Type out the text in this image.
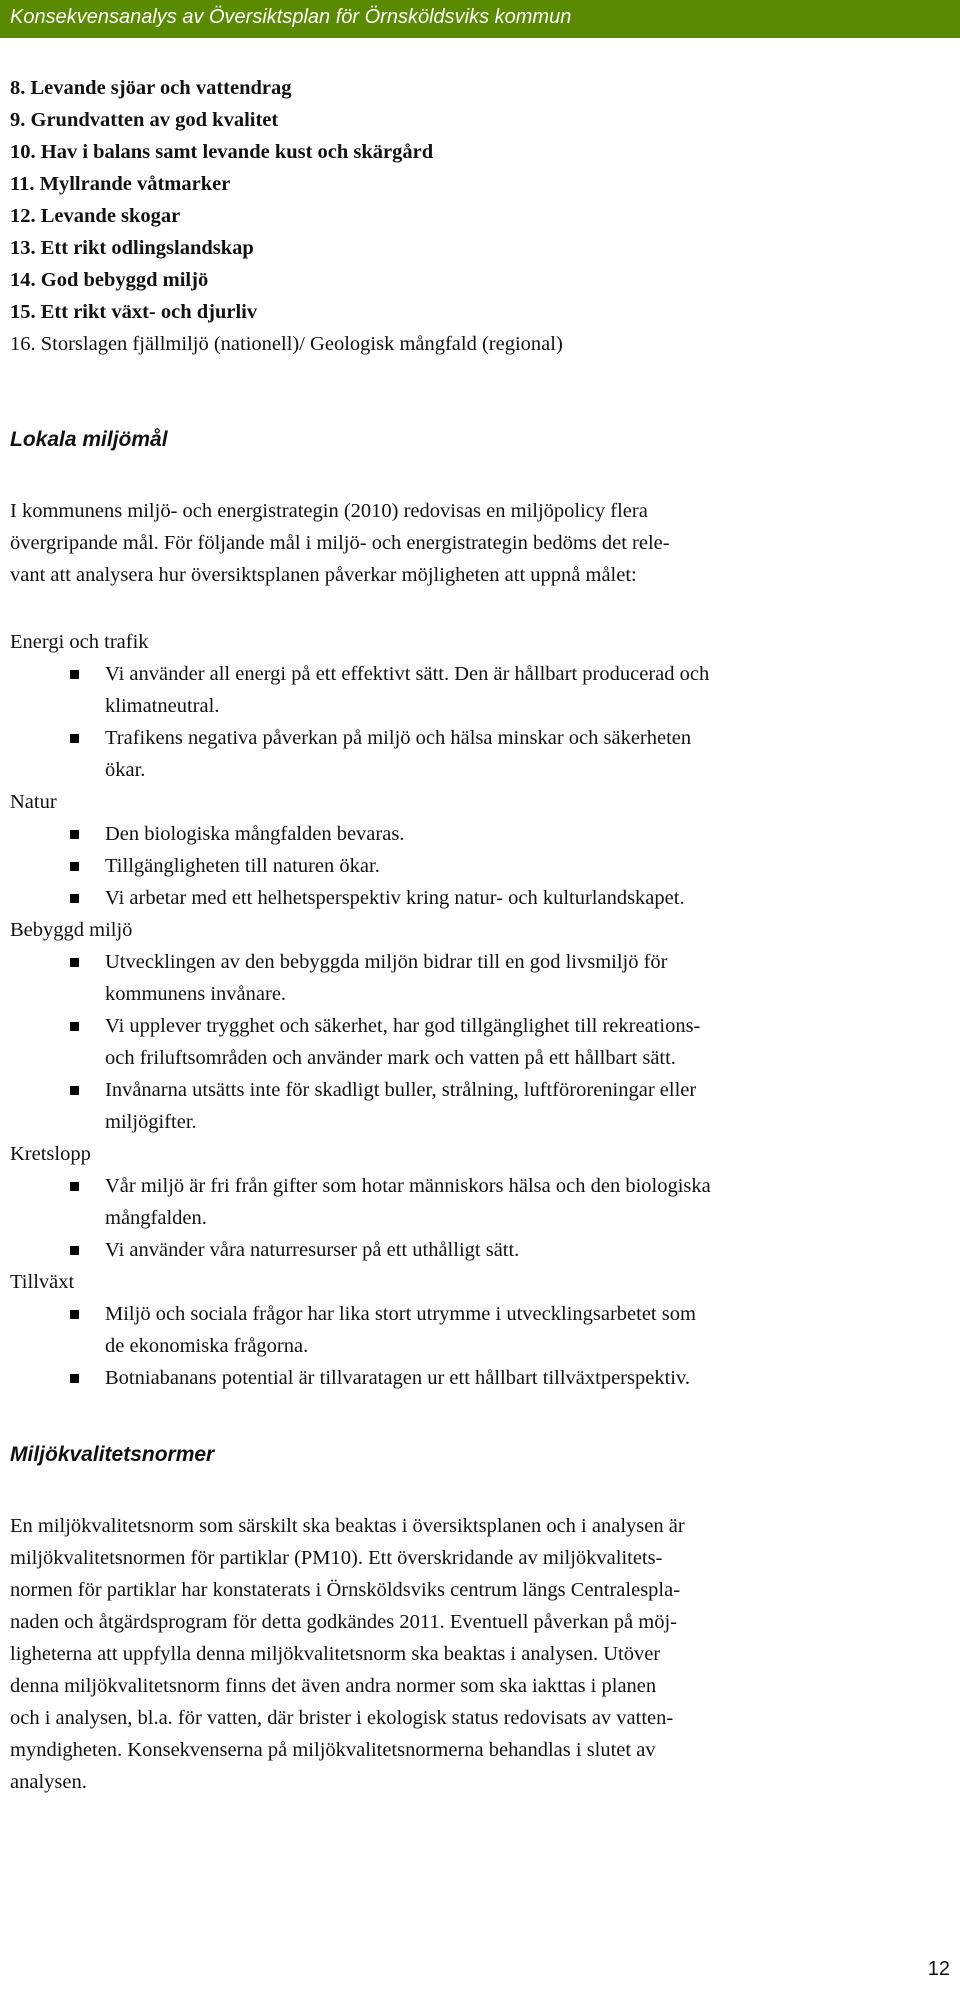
Konsekvensanalys av Översiktsplan för Örnsköldsviks kommun
8. Levande sjöar och vattendrag
9. Grundvatten av god kvalitet
10. Hav i balans samt levande kust och skärgård
11. Myllrande våtmarker
12. Levande skogar
13. Ett rikt odlingslandskap
14. God bebyggd miljö
15. Ett rikt växt- och djurliv
16. Storslagen fjällmiljö (nationell)/ Geologisk mångfald (regional)
Lokala miljömål
I kommunens miljö- och energistrategin (2010) redovisas en miljöpolicy flera
övergripande mål. För följande mål i miljö- och energistrategin bedöms det rele-
vant att analysera hur översiktsplanen påverkar möjligheten att uppnå målet:
Energi och trafik
Vi använder all energi på ett effektivt sätt. Den är hållbart producerad och
klimatneutral.
Trafikens negativa påverkan på miljö och hälsa minskar och säkerheten
ökar.
Natur
Den biologiska mångfalden bevaras.
Tillgängligheten till naturen ökar.
Vi arbetar med ett helhetsperspektiv kring natur- och kulturlandskapet.
Bebyggd miljö
Utvecklingen av den bebyggda miljön bidrar till en god livsmiljö för
kommunens invånare.
Vi upplever trygghet och säkerhet, har god tillgänglighet till rekreations-
och friluftsområden och använder mark och vatten på ett hållbart sätt.
Invånarna utsätts inte för skadligt buller, strålning, luftföroreningar eller
miljögifter.
Kretslopp
Vår miljö är fri från gifter som hotar människors hälsa och den biologiska
mångfalden.
Vi använder våra naturresurser på ett uthålligt sätt.
Tillväxt
Miljö och sociala frågor har lika stort utrymme i utvecklingsarbetet som
de ekonomiska frågorna.
Botniabanans potential är tillvaratagen ur ett hållbart tillväxtperspektiv.
Miljökvalitetsnormer
En miljökvalitetsnorm som särskilt ska beaktas i översiktsplanen och i analysen är
miljökvalitetsnormen för partiklar (PM10). Ett överskridande av miljökvalitets-
normen för partiklar har konstaterats i Örnsköldsviks centrum längs Centralespla-
naden och åtgärdsprogram för detta godkändes 2011. Eventuell påverkan på möj-
ligheterna att uppfylla denna miljökvalitetsnorm ska beaktas i analysen. Utöver
denna miljökvalitetsnorm finns det även andra normer som ska iakttas i planen
och i analysen, bl.a. för vatten, där brister i ekologisk status redovisats av vatten-
myndigheten. Konsekvenserna på miljökvalitetsnormerna behandlas i slutet av
analysen.
12
